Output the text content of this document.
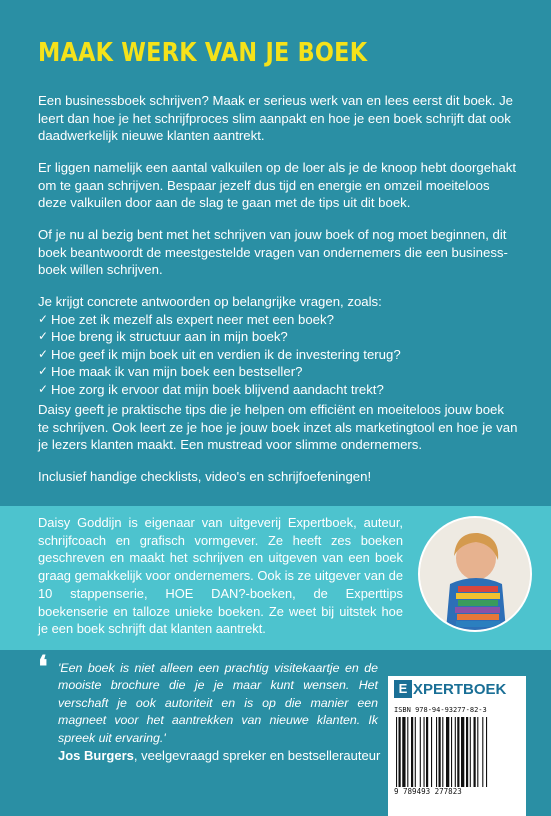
MAAK WERK VAN JE BOEK
Een businessboek schrijven? Maak er serieus werk van en lees eerst dit boek. Je leert dan hoe je het schrijfproces slim aanpakt en hoe je een boek schrijft dat ook daadwerkelijk nieuwe klanten aantrekt.
Er liggen namelijk een aantal valkuilen op de loer als je de knoop hebt doorgehakt om te gaan schrijven. Bespaar jezelf dus tijd en energie en omzeil moeiteloos deze valkuilen door aan de slag te gaan met de tips uit dit boek.
Of je nu al bezig bent met het schrijven van jouw boek of nog moet beginnen, dit boek beantwoordt de meestgestelde vragen van ondernemers die een business-boek willen schrijven.
Je krijgt concrete antwoorden op belangrijke vragen, zoals:
✓ Hoe zet ik mezelf als expert neer met een boek?
✓ Hoe breng ik structuur aan in mijn boek?
✓ Hoe geef ik mijn boek uit en verdien ik de investering terug?
✓ Hoe maak ik van mijn boek een bestseller?
✓ Hoe zorg ik ervoor dat mijn boek blijvend aandacht trekt?
Daisy geeft je praktische tips die je helpen om efficiënt en moeiteloos jouw boek te schrijven. Ook leert ze je hoe je jouw boek inzet als marketingtool en hoe je van je lezers klanten maakt. Een mustread voor slimme ondernemers.
Inclusief handige checklists, video's en schrijfoefeningen!
Daisy Goddijn is eigenaar van uitgeverij Expertboek, auteur, schrijfcoach en grafisch vormgever. Ze heeft zes boeken geschreven en maakt het schrijven en uitgeven van een boek graag gemakkelijk voor ondernemers. Ook is ze uitgever van de 10 stappenserie, HOE DAN?-boeken, de Experttips boekenserie en talloze unieke boeken. Ze weet bij uitstek hoe je een boek schrijft dat klanten aantrekt.
❛ 'Een boek is niet alleen een prachtig visitekaartje en de mooiste brochure die je je maar kunt wensen. Het verschaft je ook autoriteit en is op die manier een magneet voor het aantrekken van nieuwe klanten. Ik spreek uit ervaring.'
Jos Burgers, veelgevraagd spreker en bestsellerauteur
E XPERTBOEK
ISBN 978-94-93277-82-3
9 789493 277823
